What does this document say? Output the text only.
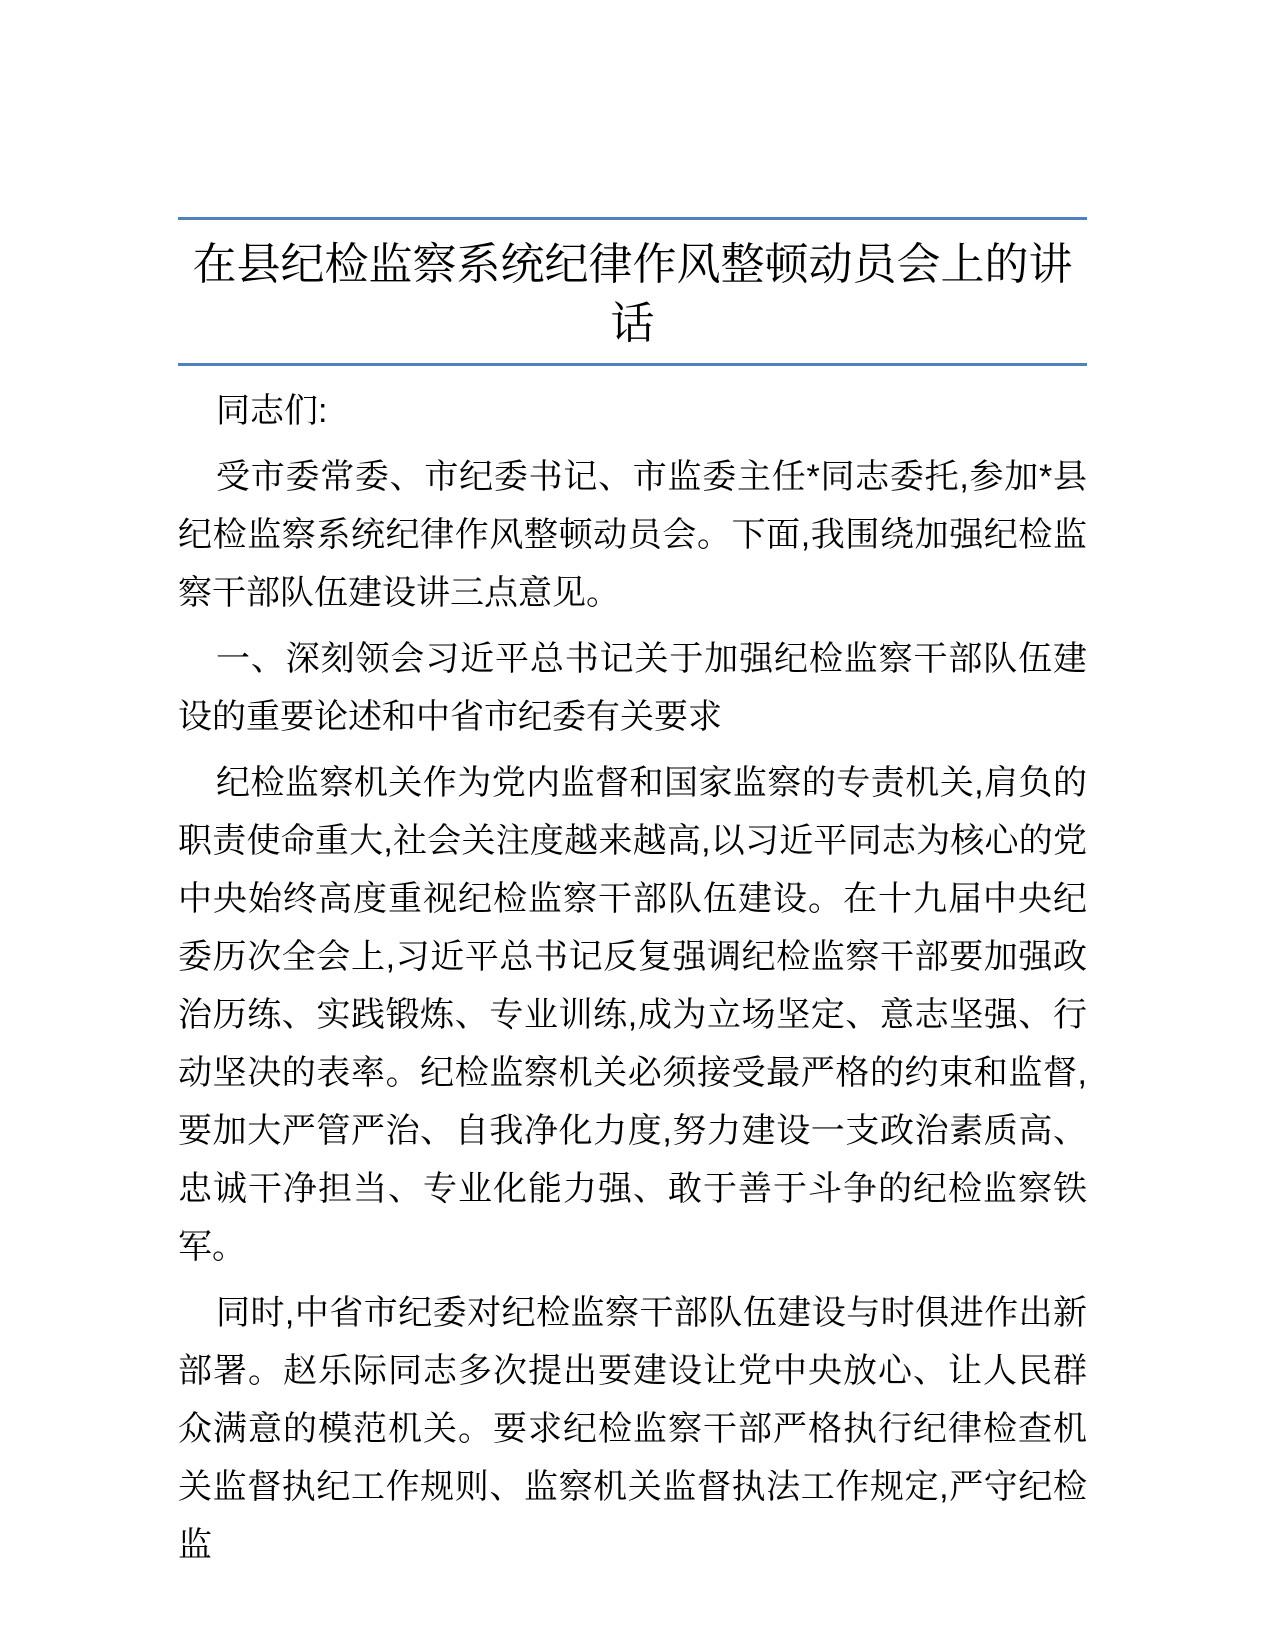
在县纪检监察系统纪律作风整顿动员会上的讲话

同志们:

受市委常委、市纪委书记、市监委主任*同志委托,参加*县纪检监察系统纪律作风整顿动员会。下面,我围绕加强纪检监察干部队伍建设讲三点意见。

一、深刻领会习近平总书记关于加强纪检监察干部队伍建设的重要论述和中省市纪委有关要求

纪检监察机关作为党内监督和国家监察的专责机关,肩负的职责使命重大,社会关注度越来越高,以习近平同志为核心的党中央始终高度重视纪检监察干部队伍建设。在十九届中央纪委历次全会上,习近平总书记反复强调纪检监察干部要加强政治历练、实践锻炼、专业训练,成为立场坚定、意志坚强、行动坚决的表率。纪检监察机关必须接受最严格的约束和监督,要加大严管严治、自我净化力度,努力建设一支政治素质高、忠诚干净担当、专业化能力强、敢于善于斗争的纪检监察铁军。

同时,中省市纪委对纪检监察干部队伍建设与时俱进作出新部署。赵乐际同志多次提出要建设让党中央放心、让人民群众满意的模范机关。要求纪检监察干部严格执行纪律检查机关监督执纪工作规则、监察机关监督执法工作规定,严守纪检监
